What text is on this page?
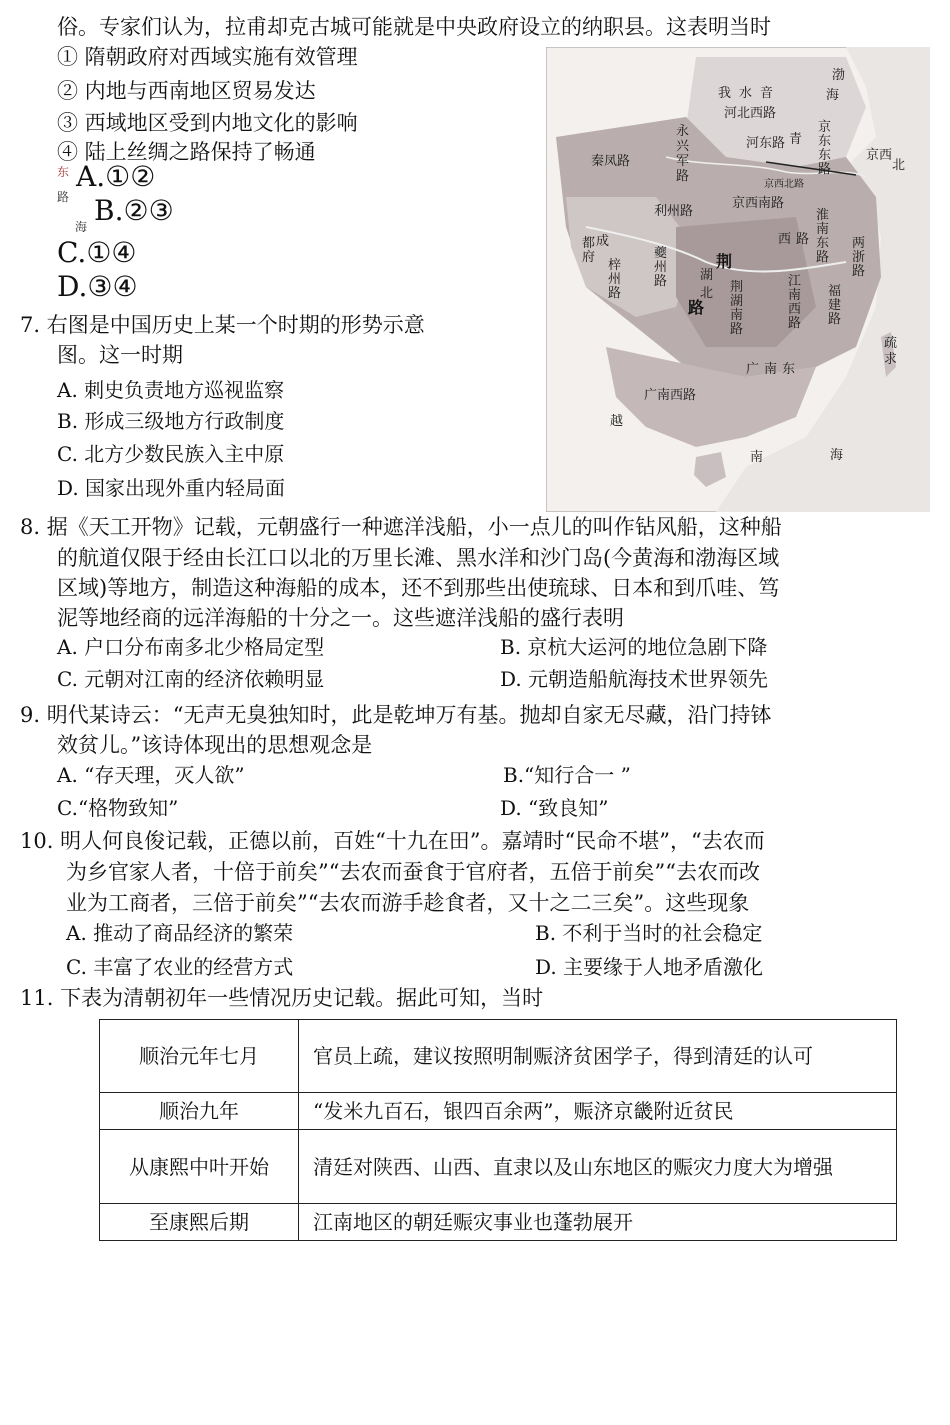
俗。专家们认为，拉甫却克古城可能就是中央政府设立的纳职县。这表明当时
① 隋朝政府对西域实施有效管理
② 内地与西南地区贸易发达
③ 西域地区受到内地文化的影响
④ 陆上丝绸之路保持了畅通
东
路
海
A.①②
B.②③
C.①④
D.③④
7. 右图是中国历史上某一个时期的形势示意
图。这一时期
A. 刺史负责地方巡视监察
B. 形成三级地方行政制度
C. 北方少数民族入主中原
D. 国家出现外重内轻局面
渤
海
我 水 音
河北西路
京
东
东
路
京西
北
河东路 青
永
兴
军
路
秦凤路
京西南路
利州路	淮
南
东
路
两
浙
路
成
都
府
梓
州
路
夔
州
路
荆
湖
北
路
江
南
西
路
荆
湖
南
路
福
建
路
广 南 东
广南西路
越
南	海
疏
求
西 路
京西北路
8. 据《天工开物》记载，元朝盛行一种遮洋浅船，小一点儿的叫作钻风船，这种船
的航道仅限于经由长江口以北的万里长滩、黑水洋和沙门岛(今黄海和渤海区域
区域)等地方，制造这种海船的成本，还不到那些出使琉球、日本和到爪哇、笃
泥等地经商的远洋海船的十分之一。这些遮洋浅船的盛行表明
A. 户口分布南多北少格局定型	B. 京杭大运河的地位急剧下降
C. 元朝对江南的经济依赖明显	D. 元朝造船航海技术世界领先
9. 明代某诗云：“无声无臭独知时，此是乾坤万有基。抛却自家无尽藏，沿门持钵
效贫儿。”该诗体现出的思想观念是
A. “存天理，灭人欲”	B.“知行合一 ”
C.“格物致知”	D. “致良知”
10. 明人何良俊记载，正德以前，百姓“十九在田”。嘉靖时“民命不堪”，“去农而
为乡官家人者，十倍于前矣”“去农而蚕食于官府者，五倍于前矣”“去农而改
业为工商者，三倍于前矣”“去农而游手趁食者，又十之二三矣”。这些现象
A. 推动了商品经济的繁荣	B. 不利于当时的社会稳定
C. 丰富了农业的经营方式	D. 主要缘于人地矛盾激化
11. 下表为清朝初年一些情况历史记载。据此可知，当时
顺治元年七月	官员上疏，建议按照明制赈济贫困学子，得到清廷的认可
顺治九年	“发米九百石，银四百余两”，赈济京畿附近贫民
从康熙中叶开始	清廷对陕西、山西、直隶以及山东地区的赈灾力度大为增强
至康熙后期	江南地区的朝廷赈灾事业也蓬勃展开
